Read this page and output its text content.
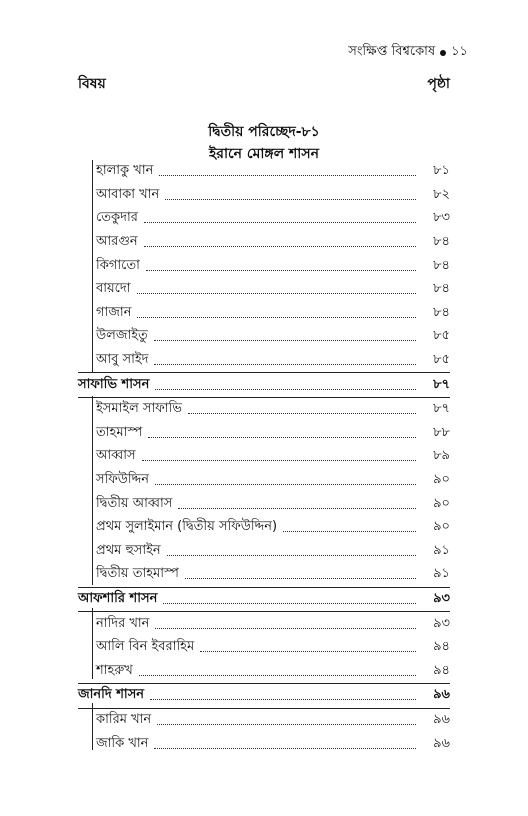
সংক্ষিপ্ত বিশ্বকোষ ১১
বিষয়	পৃষ্ঠা
দ্বিতীয় পরিচ্ছেদ-৮১
ইরানে মোঙ্গল শাসন
হালাকু খান	৮১
আবাকা খান	৮২
তেকুদার	৮৩
আরগুন	৮৪
কিগাতো	৮৪
বায়দো	৮৪
গাজান	৮৪
উলজাইতু	৮৫
আবু সাইদ	৮৫
সাফাভি শাসন	৮৭
ইসমাইল সাফাভি	৮৭
তাহমাস্প	৮৮
আব্বাস	৮৯
সফিউদ্দিন	৯০
দ্বিতীয় আব্বাস	৯০
প্রথম সুলাইমান (দ্বিতীয় সফিউদ্দিন)	৯০
প্রথম হুসাইন	৯১
দ্বিতীয় তাহমাস্প	৯১
আফশারি শাসন	৯৩
নাদির খান	৯৩
আলি বিন ইবরাহিম	৯৪
শাহরুখ	৯৪
জানদি শাসন	৯৬
কারিম খান	৯৬
জাকি খান	৯৬
